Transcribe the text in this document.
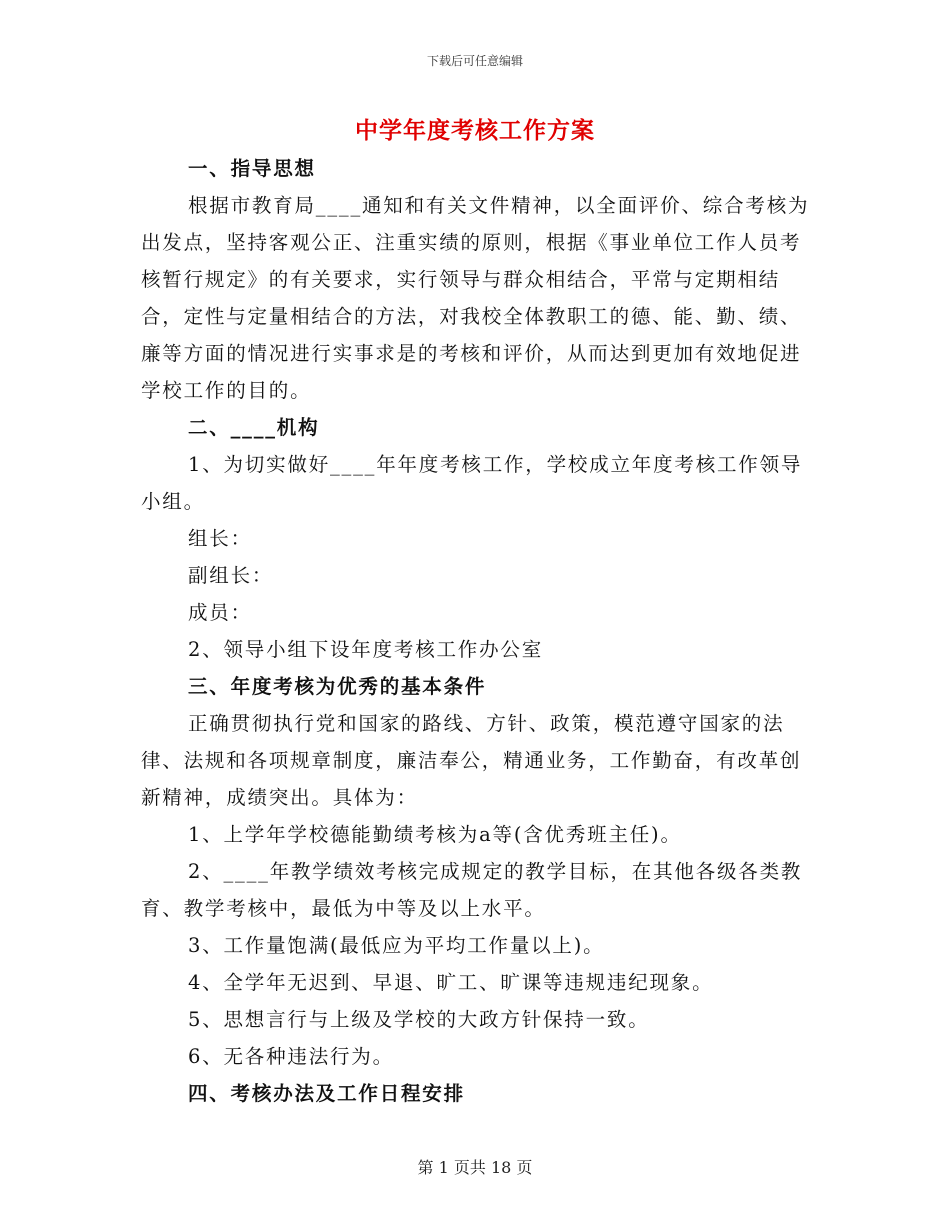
下载后可任意编辑
中学年度考核工作方案

一、指导思想

根据市教育局____通知和有关文件精神，以全面评价、综合考核为出发点，坚持客观公正、注重实绩的原则，根据《事业单位工作人员考核暂行规定》的有关要求，实行领导与群众相结合，平常与定期相结合，定性与定量相结合的方法，对我校全体教职工的德、能、勤、绩、廉等方面的情况进行实事求是的考核和评价，从而达到更加有效地促进学校工作的目的。

二、____机构

1、为切实做好____年年度考核工作，学校成立年度考核工作领导小组。

组长：

副组长：

成员：

2、领导小组下设年度考核工作办公室

三、年度考核为优秀的基本条件

正确贯彻执行党和国家的路线、方针、政策，模范遵守国家的法律、法规和各项规章制度，廉洁奉公，精通业务，工作勤奋，有改革创新精神，成绩突出。具体为：

1、上学年学校德能勤绩考核为a等(含优秀班主任)。

2、____年教学绩效考核完成规定的教学目标，在其他各级各类教育、教学考核中，最低为中等及以上水平。

3、工作量饱满(最低应为平均工作量以上)。

4、全学年无迟到、早退、旷工、旷课等违规违纪现象。

5、思想言行与上级及学校的大政方针保持一致。

6、无各种违法行为。

四、考核办法及工作日程安排

第 1 页共 18 页
